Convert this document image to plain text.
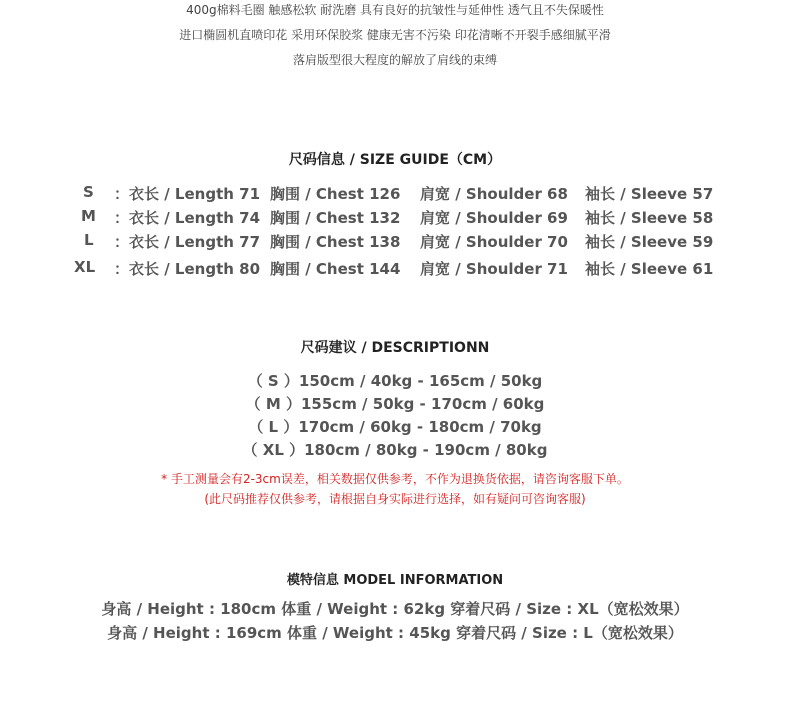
400g棉料毛圈 触感松软 耐洗磨 具有良好的抗皱性与延伸性 透气且不失保暖性
进口椭圆机直喷印花 采用环保胶浆 健康无害不污染 印花清晰不开裂手感细腻平滑
落肩版型很大程度的解放了肩线的束缚
尺码信息 / SIZE GUIDE（CM）
S ：衣长 / Length 71 胸围 / Chest 126 肩宽 / Shoulder 68 袖长 / Sleeve 57
M ：衣长 / Length 74 胸围 / Chest 132 肩宽 / Shoulder 69 袖长 / Sleeve 58
L ：衣长 / Length 77 胸围 / Chest 138 肩宽 / Shoulder 70 袖长 / Sleeve 59
XL ：衣长 / Length 80 胸围 / Chest 144 肩宽 / Shoulder 71 袖长 / Sleeve 61
尺码建议 / DESCRIPTIONN
（ S ）150cm / 40kg - 165cm / 50kg
（ M ）155cm / 50kg - 170cm / 60kg
（ L ）170cm / 60kg - 180cm / 70kg
（ XL ）180cm / 80kg - 190cm / 80kg
* 手工测量会有2-3cm误差，相关数据仅供参考，不作为退换货依据，请咨询客服下单。
(此尺码推荐仅供参考，请根据自身实际进行选择，如有疑问可咨询客服)
模特信息 MODEL INFORMATION
身高 / Height : 180cm 体重 / Weight : 62kg 穿着尺码 / Size : XL（宽松效果）
身高 / Height : 169cm 体重 / Weight : 45kg 穿着尺码 / Size : L（宽松效果）
